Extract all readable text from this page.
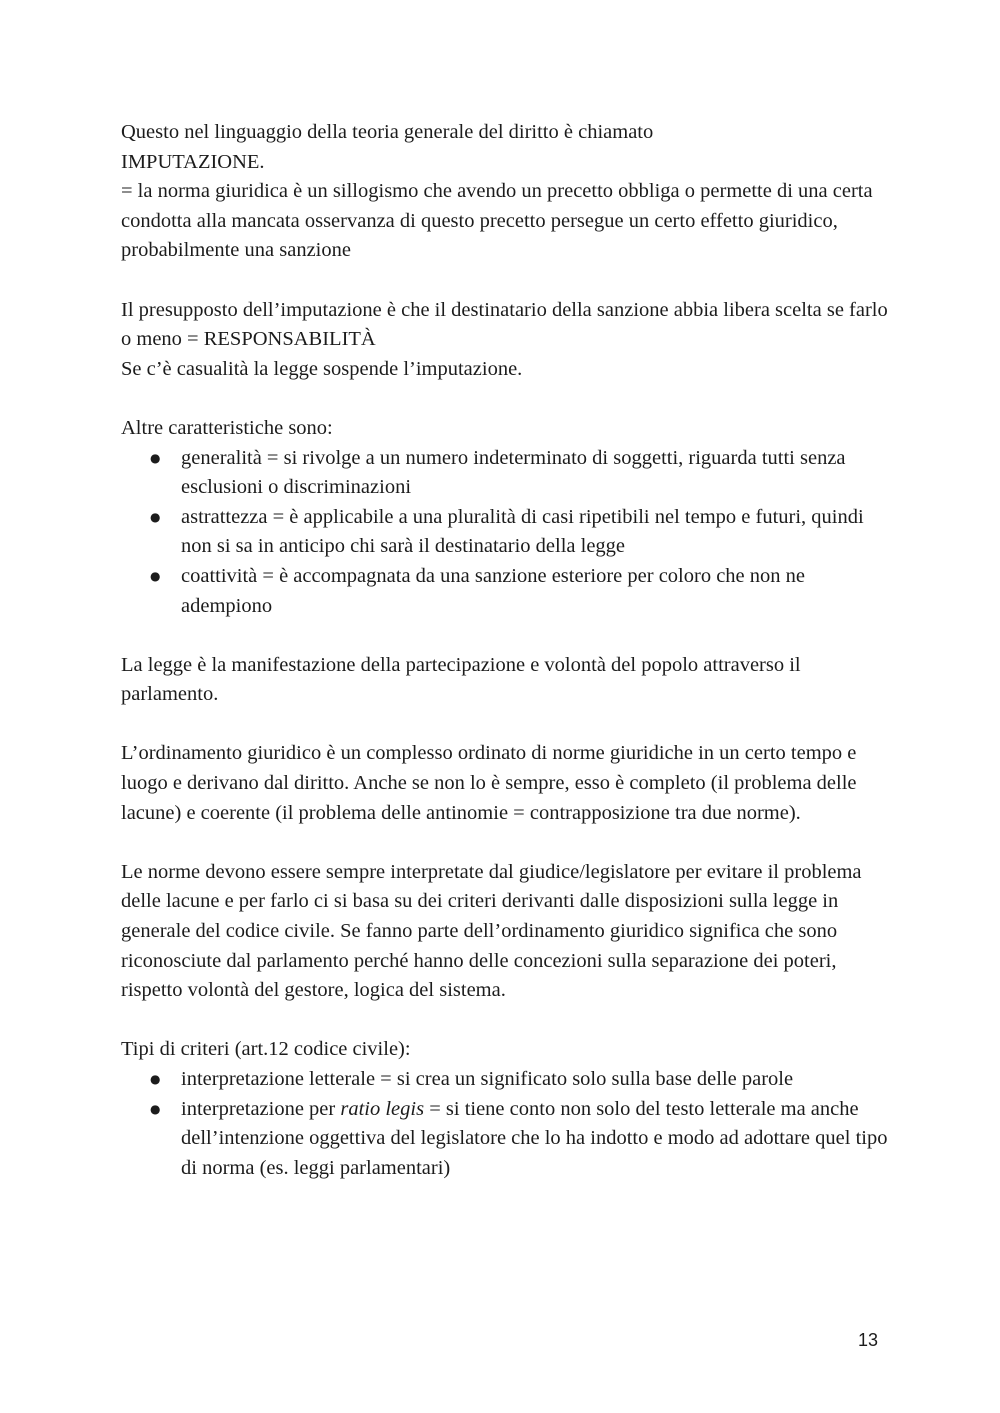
Questo nel linguaggio della teoria generale del diritto è chiamato

IMPUTAZIONE.

= la norma giuridica è un sillogismo che avendo un precetto obbliga o permette di una certa condotta alla mancata osservanza di questo precetto persegue un certo effetto giuridico, probabilmente una sanzione

Il presupposto dell’imputazione è che il destinatario della sanzione abbia libera scelta se farlo o meno = RESPONSABILITÀ

Se c’è casualità la legge sospende l’imputazione.

Altre caratteristiche sono:

● generalità = si rivolge a un numero indeterminato di soggetti, riguarda tutti senza esclusioni o discriminazioni
● astrattezza = è applicabile a una pluralità di casi ripetibili nel tempo e futuri, quindi non si sa in anticipo chi sarà il destinatario della legge
● coattività = è accompagnata da una sanzione esteriore per coloro che non ne adempiono

La legge è la manifestazione della partecipazione e volontà del popolo attraverso il parlamento.

L’ordinamento giuridico è un complesso ordinato di norme giuridiche in un certo tempo e luogo e derivano dal diritto. Anche se non lo è sempre, esso è completo (il problema delle lacune) e coerente (il problema delle antinomie = contrapposizione tra due norme).

Le norme devono essere sempre interpretate dal giudice/legislatore per evitare il problema delle lacune e per farlo ci si basa su dei criteri derivanti dalle disposizioni sulla legge in generale del codice civile. Se fanno parte dell’ordinamento giuridico significa che sono riconosciute dal parlamento perché hanno delle concezioni sulla separazione dei poteri, rispetto volontà del gestore, logica del sistema.

Tipi di criteri (art.12 codice civile):

● interpretazione letterale = si crea un significato solo sulla base delle parole
● interpretazione per ratio legis = si tiene conto non solo del testo letterale ma anche dell’intenzione oggettiva del legislatore che lo ha indotto e modo ad adottare quel tipo di norma (es. leggi parlamentari)
13
